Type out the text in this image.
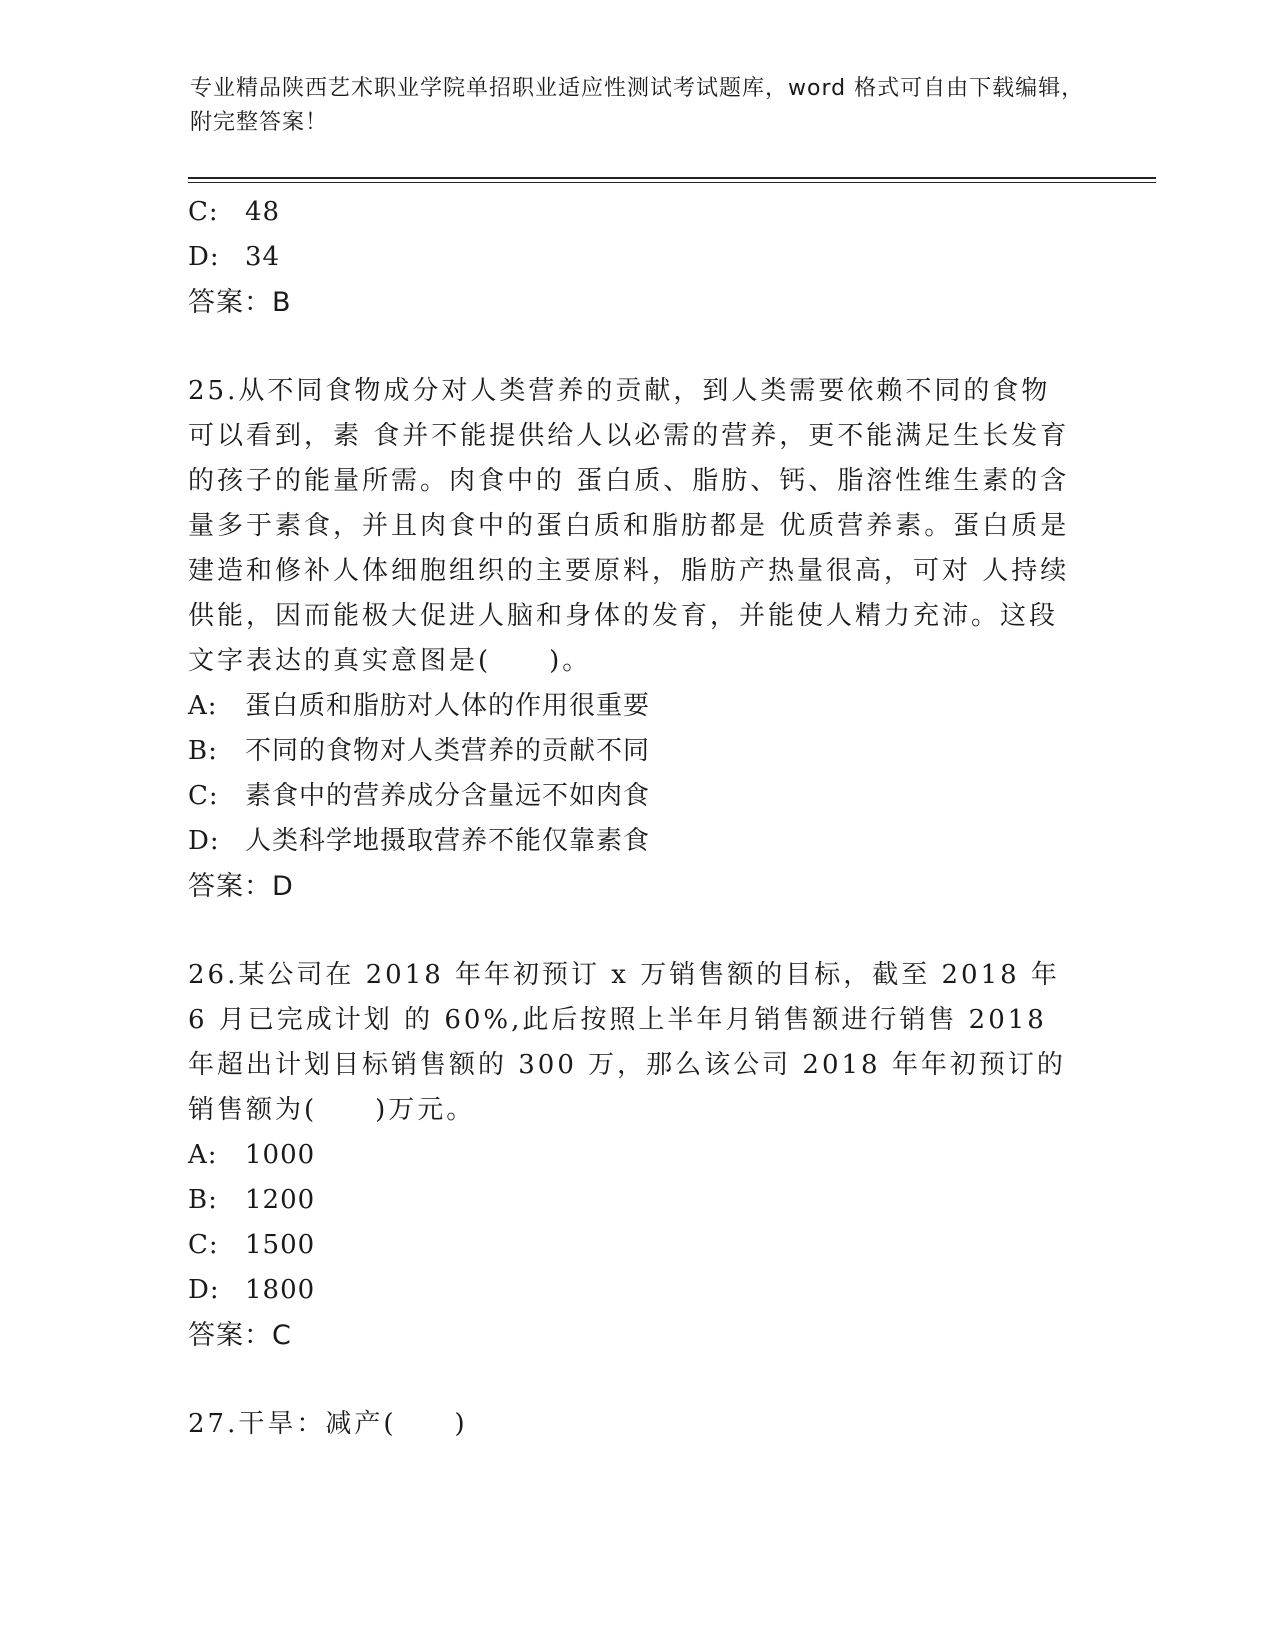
专业精品陕西艺术职业学院单招职业适应性测试考试题库，word 格式可自由下载编辑，附完整答案！
C: 48
D: 34
答案：B
25.从不同食物成分对人类营养的贡献，到人类需要依赖不同的食物可以看到，素 食并不能提供给人以必需的营养，更不能满足生长发育的孩子的能量所需。肉食中的 蛋白质、脂肪、钙、脂溶性维生素的含量多于素食，并且肉食中的蛋白质和脂肪都是 优质营养素。蛋白质是建造和修补人体细胞组织的主要原料，脂肪产热量很高，可对 人持续供能，因而能极大促进人脑和身体的发育，并能使人精力充沛。这段文字表达的真实意图是(　　)。
A: 蛋白质和脂肪对人体的作用很重要
B: 不同的食物对人类营养的贡献不同
C: 素食中的营养成分含量远不如肉食
D: 人类科学地摄取营养不能仅靠素食
答案：D
26.某公司在 2018 年年初预订 x 万销售额的目标，截至 2018 年 6 月已完成计划 的 60%,此后按照上半年月销售额进行销售 2018 年超出计划目标销售额的 300 万，那么该公司 2018 年年初预订的销售额为(　　)万元。
A: 1000
B: 1200
C: 1500
D: 1800
答案：C
27.干旱：减产(　　)
